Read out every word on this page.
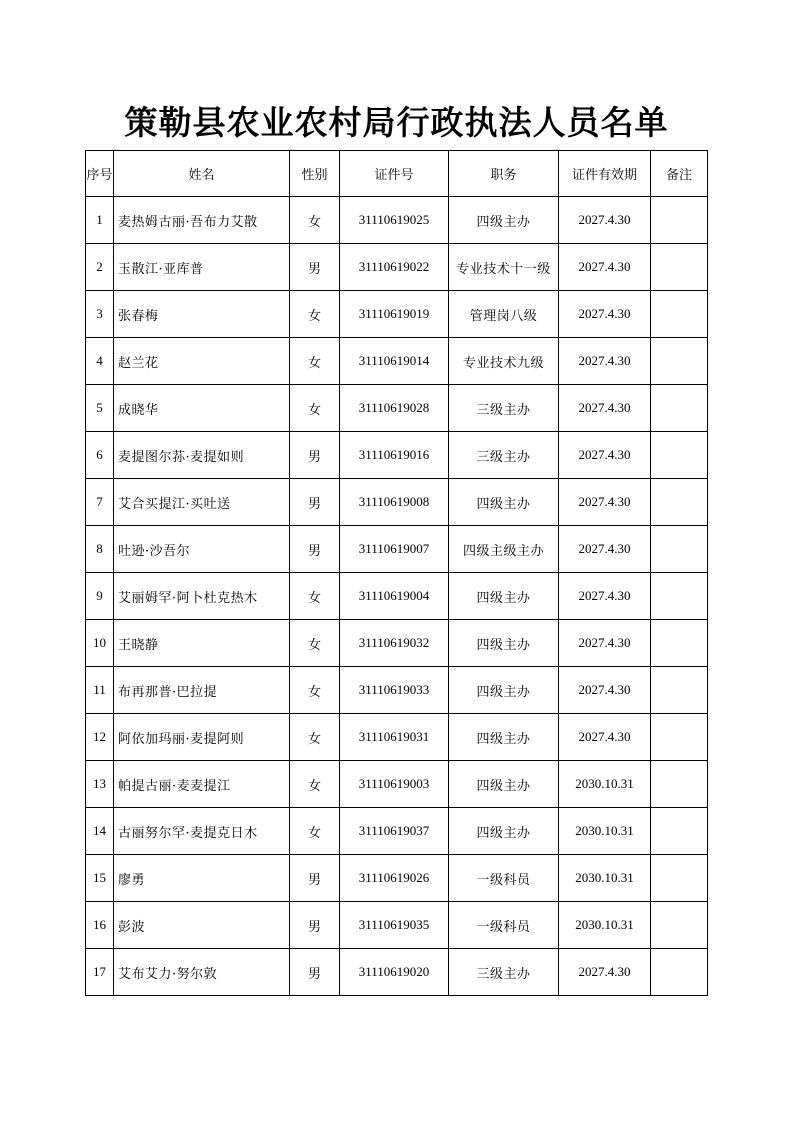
策勒县农业农村局行政执法人员名单
序号	姓名	性别	证件号	职务	证件有效期	备注
1	麦热姆古丽·吾布力艾散	女	31110619025	四级主办	2027.4.30	
2	玉散江·亚库普	男	31110619022	专业技术十一级	2027.4.30	
3	张春梅	女	31110619019	管理岗八级	2027.4.30	
4	赵兰花	女	31110619014	专业技术九级	2027.4.30	
5	成晓华	女	31110619028	三级主办	2027.4.30	
6	麦提图尔荪·麦提如则	男	31110619016	三级主办	2027.4.30	
7	艾合买提江·买吐送	男	31110619008	四级主办	2027.4.30	
8	吐逊·沙吾尔	男	31110619007	四级主级主办	2027.4.30	
9	艾丽姆罕·阿卜杜克热木	女	31110619004	四级主办	2027.4.30	
10	王晓静	女	31110619032	四级主办	2027.4.30	
11	布再那普·巴拉提	女	31110619033	四级主办	2027.4.30	
12	阿依加玛丽·麦提阿则	女	31110619031	四级主办	2027.4.30	
13	帕提古丽·麦麦提江	女	31110619003	四级主办	2030.10.31	
14	古丽努尔罕·麦提克日木	女	31110619037	四级主办	2030.10.31	
15	廖勇	男	31110619026	一级科员	2030.10.31	
16	彭波	男	31110619035	一级科员	2030.10.31	
17	艾布艾力·努尔敦	男	31110619020	三级主办	2027.4.30	
